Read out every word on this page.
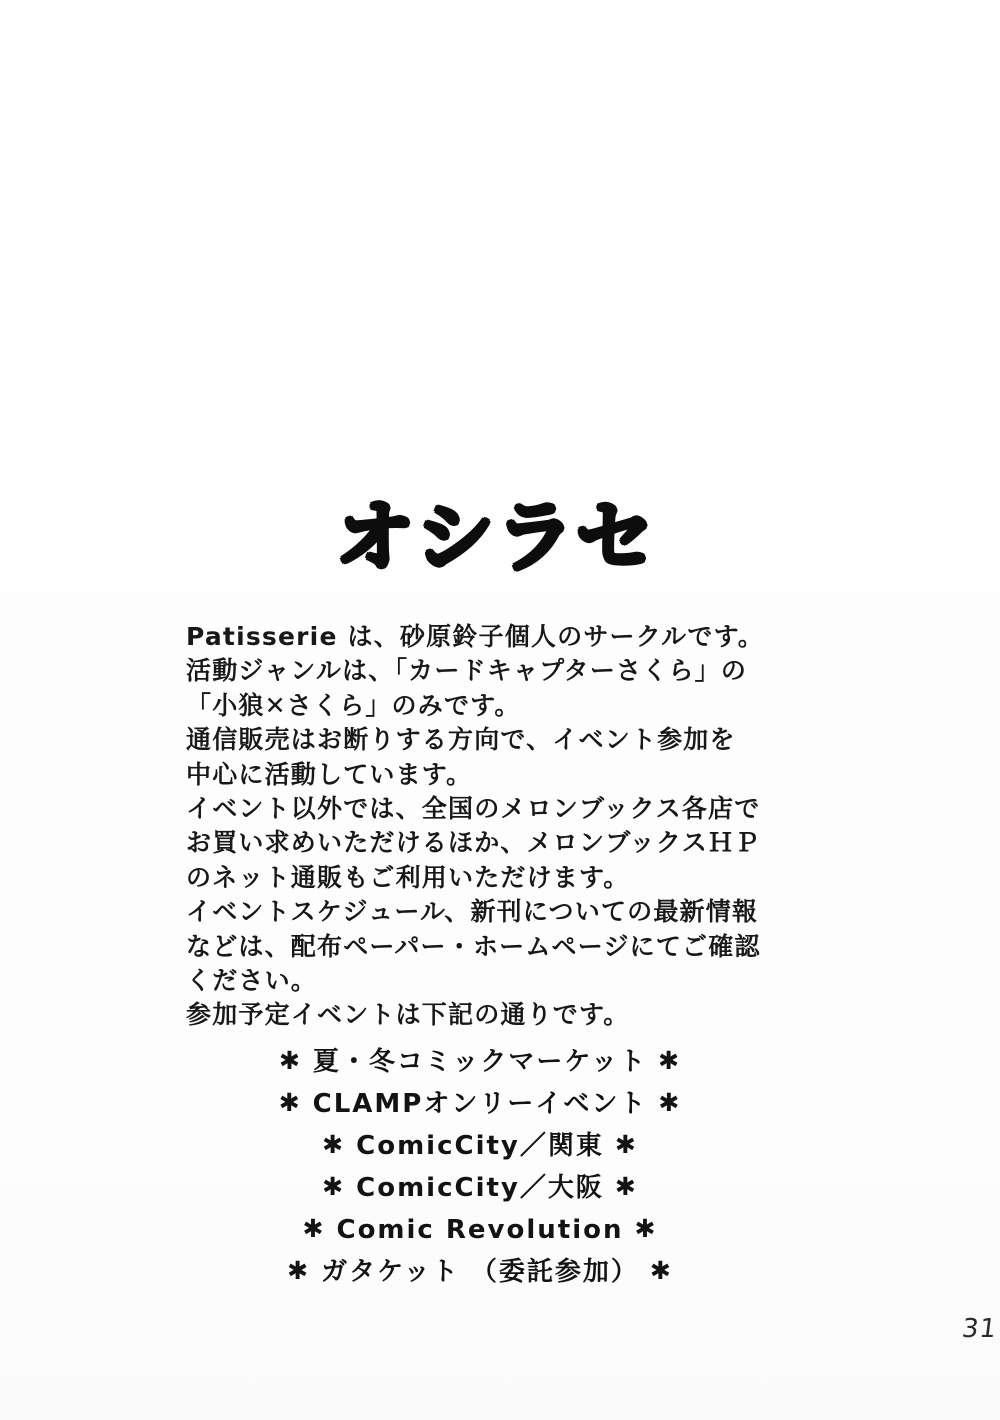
オシラセ
Patisserie は、砂原鈴子個人のサークルです。
活動ジャンルは、「カードキャプターさくら」の
「小狼✕さくら」のみです。
通信販売はお断りする方向で、イベント参加を
中心に活動しています。
イベント以外では、全国のメロンブックス各店で
お買い求めいただけるほか、メロンブックスＨＰ
のネット通販もご利用いただけます。
イベントスケジュール、新刊についての最新情報
などは、配布ペーパー・ホームページにてご確認
ください。
参加予定イベントは下記の通りです。
✱ 夏・冬コミックマーケット ✱
✱ CLAMPオンリーイベント ✱
✱ ComicCity／関東 ✱
✱ ComicCity／大阪 ✱
✱ Comic Revolution ✱
✱ ガタケット （委託参加） ✱
31
